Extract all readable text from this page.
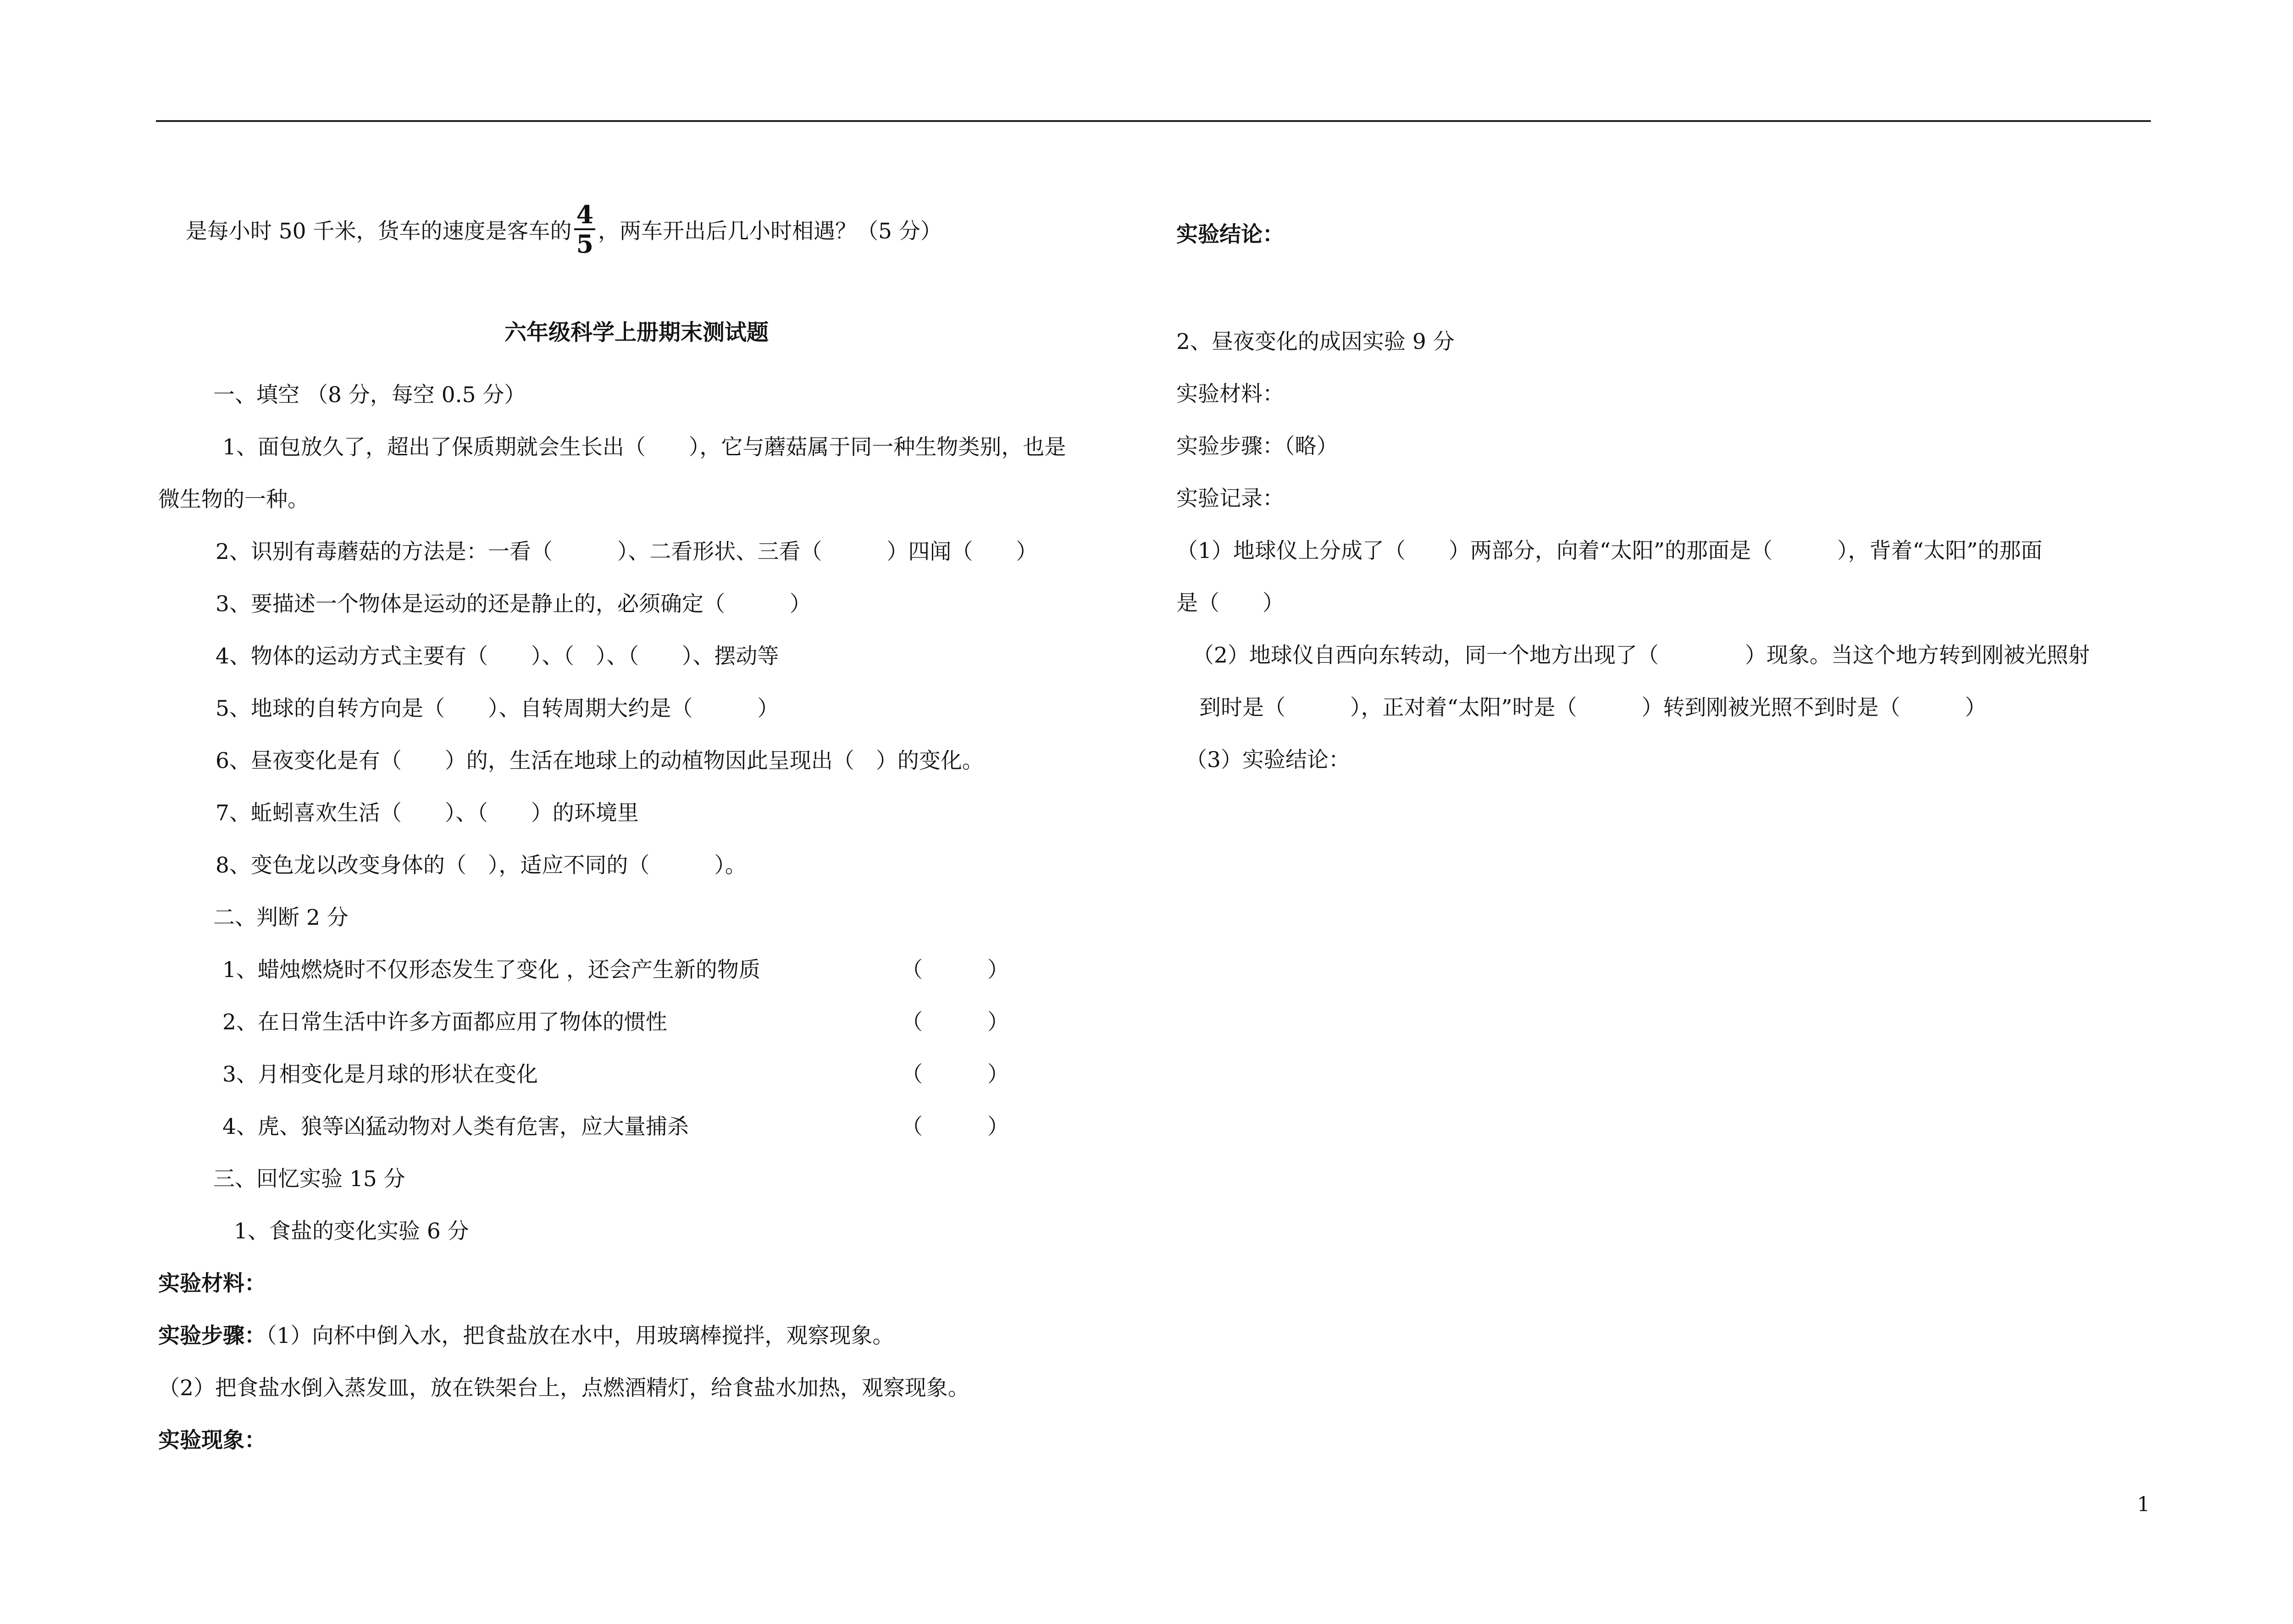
是每小时 50 千米，货车的速度是客车的 $\frac{4}{5}$ ，两车开出后几小时相遇？（5 分）

六年级科学上册期末测试题
一、填空 （8 分，每空 0.5 分）
1、面包放久了，超出了保质期就会生长出（　　），它与蘑菇属于同一种生物类别，也是
微生物的一种。
2、识别有毒蘑菇的方法是：一看（　　　）、二看形状、三看（　　　）四闻（　　）
3、要描述一个物体是运动的还是静止的，必须确定（　　　）
4、物体的运动方式主要有（　　）、（　）、（　　）、摆动等
5、地球的自转方向是（　　）、自转周期大约是（　　　）
6、昼夜变化是有（　　）的，生活在地球上的动植物因此呈现出（　）的变化。
7、蚯蚓喜欢生活（　　）、（　　）的环境里
8、变色龙以改变身体的（　），适应不同的（　　　）。
二、判断 2 分
1、蜡烛燃烧时不仅形态发生了变化 ，还会产生新的物质	（　　　）
2、在日常生活中许多方面都应用了物体的惯性	（　　　）
3、月相变化是月球的形状在变化	（　　　）
4、虎、狼等凶猛动物对人类有危害，应大量捕杀	（　　　）
三、回忆实验 15 分
1、食盐的变化实验 6 分
实验材料：
实验步骤：（1）向杯中倒入水，把食盐放在水中，用玻璃棒搅拌，观察现象。
（2）把食盐水倒入蒸发皿，放在铁架台上，点燃酒精灯，给食盐水加热，观察现象。
实验现象：
实验结论：
2、昼夜变化的成因实验 9 分
实验材料：
实验步骤：（略）
实验记录：
（1）地球仪上分成了（　　）两部分，向着“太阳”的那面是（　　　），背着“太阳”的那面
是（　　）
（2）地球仪自西向东转动，同一个地方出现了（　　　　）现象。当这个地方转到刚被光照射
到时是（　　　），正对着“太阳”时是（　　　）转到刚被光照不到时是（　　　）
（3）实验结论：
1
